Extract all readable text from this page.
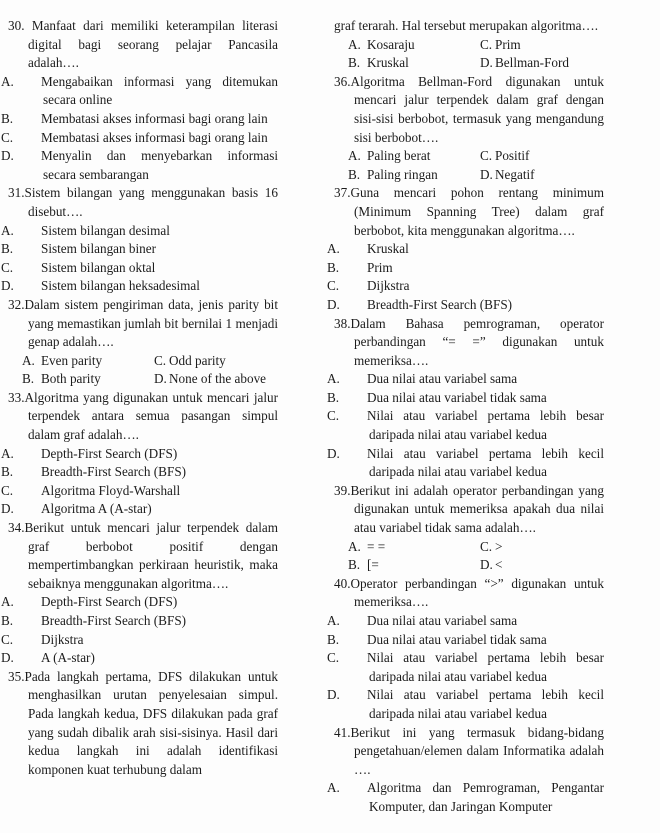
30. Manfaat dari memiliki keterampilan literasi digital bagi seorang pelajar Pancasila adalah….
A. Mengabaikan informasi yang ditemukan secara online
B. Membatasi akses informasi bagi orang lain
C. Membatasi akses informasi bagi orang lain
D. Menyalin dan menyebarkan informasi secara sembarangan
31.Sistem bilangan yang menggunakan basis 16 disebut….
A. Sistem bilangan desimal
B. Sistem bilangan biner
C. Sistem bilangan oktal
D. Sistem bilangan heksadesimal
32.Dalam sistem pengiriman data, jenis parity bit yang memastikan jumlah bit bernilai 1 menjadi genap adalah….
A. Even parity	C. Odd parity
B. Both parity	D. None of the above
33.Algoritma yang digunakan untuk mencari jalur terpendek antara semua pasangan simpul dalam graf adalah….
A. Depth-First Search (DFS)
B. Breadth-First Search (BFS)
C. Algoritma Floyd-Warshall
D. Algoritma A (A-star)
34.Berikut untuk mencari jalur terpendek dalam graf berbobot positif dengan mempertimbangkan perkiraan heuristik, maka sebaiknya menggunakan algoritma….
A. Depth-First Search (DFS)
B. Breadth-First Search (BFS)
C. Dijkstra
D. A (A-star)
35.Pada langkah pertama, DFS dilakukan untuk menghasilkan urutan penyelesaian simpul. Pada langkah kedua, DFS dilakukan pada graf yang sudah dibalik arah sisi-sisinya. Hasil dari kedua langkah ini adalah identifikasi komponen kuat terhubung dalam
graf terarah. Hal tersebut merupakan algoritma….
A. Kosaraju	C. Prim
B. Kruskal	D. Bellman-Ford
36.Algoritma Bellman-Ford digunakan untuk mencari jalur terpendek dalam graf dengan sisi-sisi berbobot, termasuk yang mengandung sisi berbobot….
A. Paling berat	C. Positif
B. Paling ringan	D. Negatif
37.Guna mencari pohon rentang minimum (Minimum Spanning Tree) dalam graf berbobot, kita menggunakan algoritma….
A. Kruskal
B. Prim
C. Dijkstra
D. Breadth-First Search (BFS)
38.Dalam Bahasa pemrograman, operator perbandingan “= =” digunakan untuk memeriksa….
A. Dua nilai atau variabel sama
B. Dua nilai atau variabel tidak sama
C. Nilai atau variabel pertama lebih besar daripada nilai atau variabel kedua
D. Nilai atau variabel pertama lebih kecil daripada nilai atau variabel kedua
39.Berikut ini adalah operator perbandingan yang digunakan untuk memeriksa apakah dua nilai atau variabel tidak sama adalah….
A. = =	C. >
B. [=	D. <
40.Operator perbandingan “>” digunakan untuk memeriksa….
A. Dua nilai atau variabel sama
B. Dua nilai atau variabel tidak sama
C. Nilai atau variabel pertama lebih besar daripada nilai atau variabel kedua
D. Nilai atau variabel pertama lebih kecil daripada nilai atau variabel kedua
41.Berikut ini yang termasuk bidang-bidang pengetahuan/elemen dalam Informatika adalah ….
A. Algoritma dan Pemrograman, Pengantar Komputer, dan Jaringan Komputer
